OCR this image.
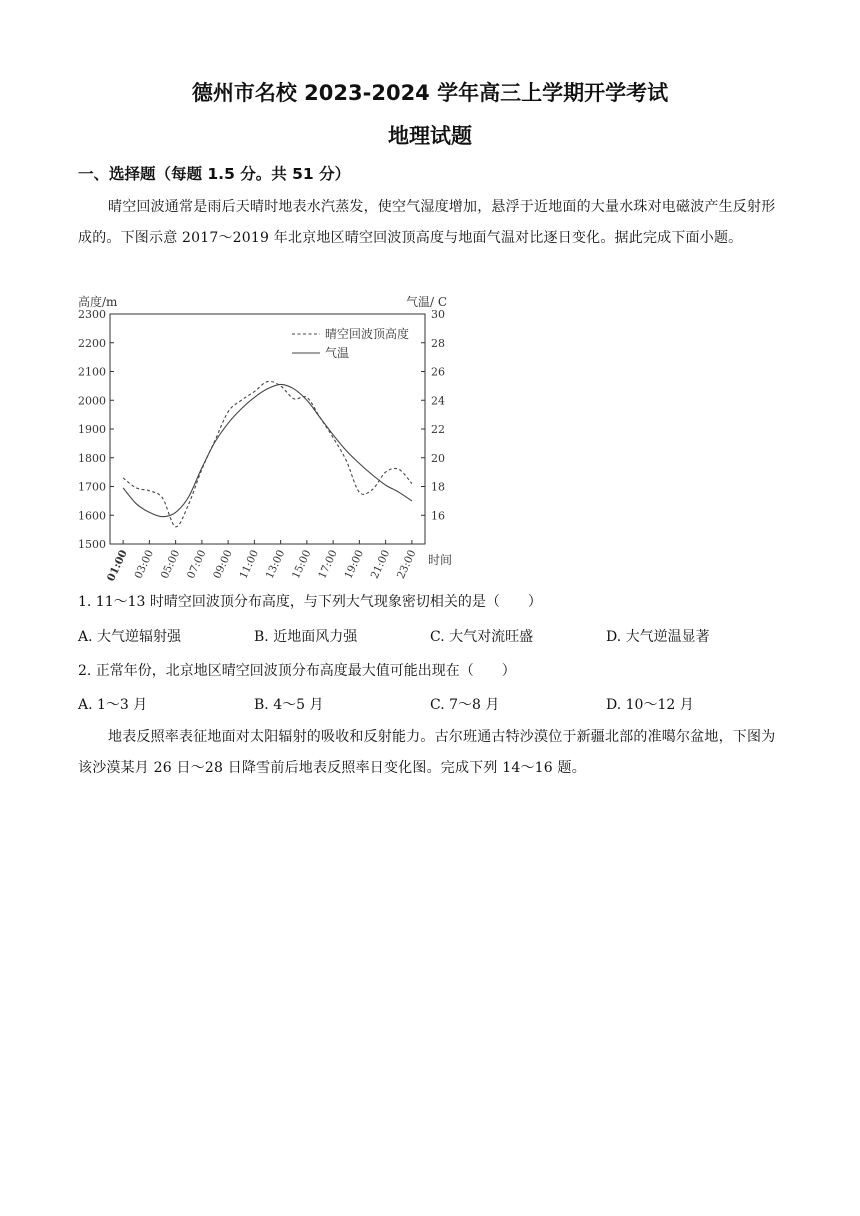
德州市名校 2023-2024 学年高三上学期开学考试
地理试题
一、选择题（每题 1.5 分。共 51 分）
晴空回波通常是雨后天晴时地表水汽蒸发，使空气湿度增加，悬浮于近地面的大量水珠对电磁波产生反射形成的。下图示意 2017～2019 年北京地区晴空回波顶高度与地面气温对比逐日变化。据此完成下面小题。
高度/m	气温/ C
时间
2300
2200
2100
2000
1900
1800
1700
1600
1500
30
28
26
24
22
20
18
16
01:00 03:00 05:00 07:00 09:00 11:00 13:00 15:00 17:00 19:00 21:00 23:00
晴空回波顶高度
气温
1. 11～13 时晴空回波顶分布高度，与下列大气现象密切相关的是（　　）
A. 大气逆辐射强	B. 近地面风力强	C. 大气对流旺盛	D. 大气逆温显著
2. 正常年份，北京地区晴空回波顶分布高度最大值可能出现在（　　）
A. 1～3 月	B. 4～5 月	C. 7～8 月	D. 10～12 月
地表反照率表征地面对太阳辐射的吸收和反射能力。古尔班通古特沙漠位于新疆北部的准噶尔盆地，下图为该沙漠某月 26 日～28 日降雪前后地表反照率日变化图。完成下列 14～16 题。
